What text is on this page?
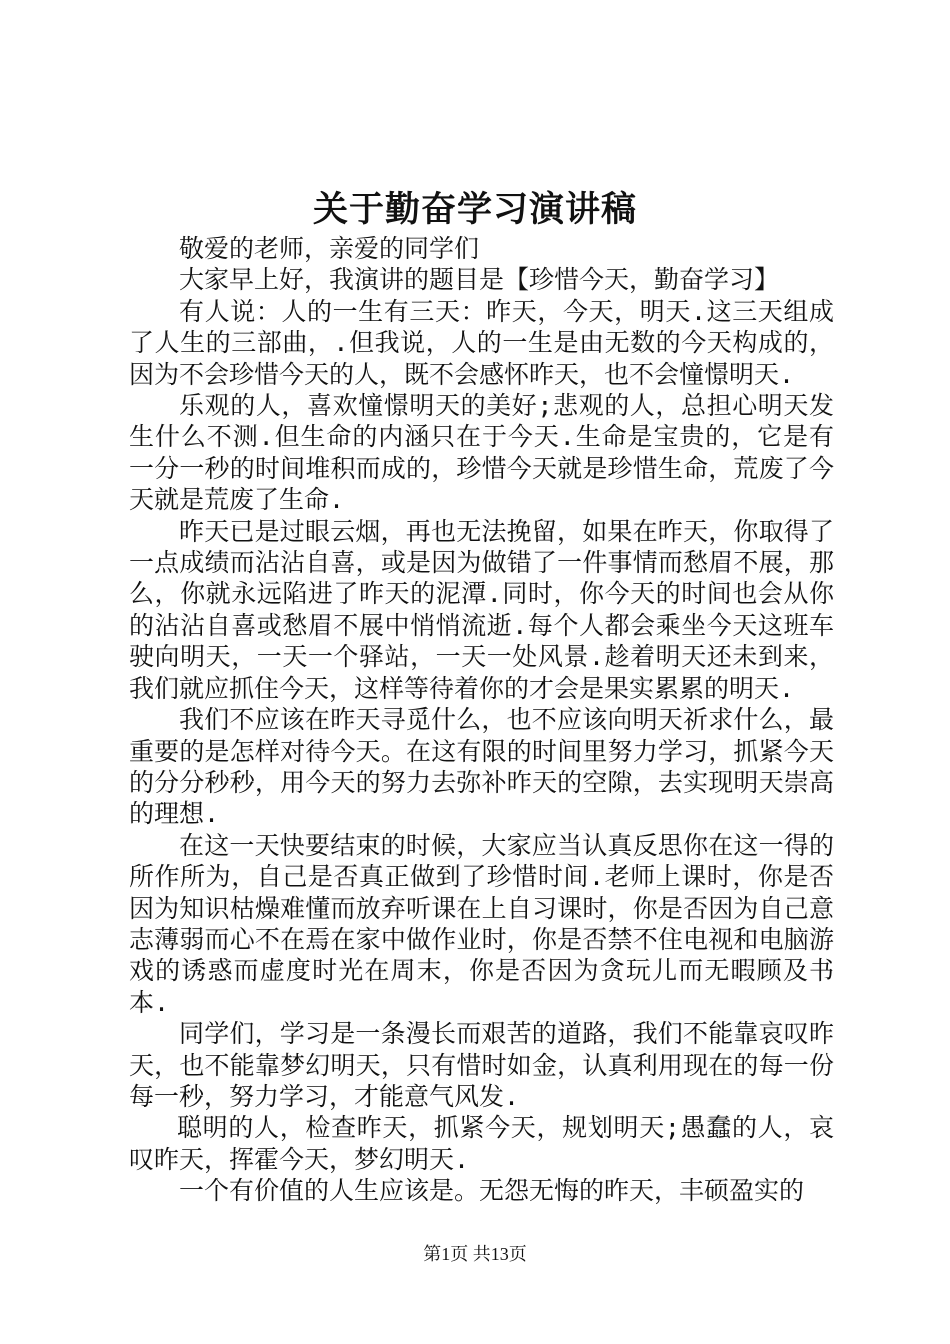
关于勤奋学习演讲稿

敬爱的老师，亲爱的同学们

大家早上好，我演讲的题目是【珍惜今天，勤奋学习】

有人说：人的一生有三天：昨天，今天，明天.这三天组成了人生的三部曲，.但我说，人的一生是由无数的今天构成的，因为不会珍惜今天的人，既不会感怀昨天，也不会憧憬明天.

乐观的人，喜欢憧憬明天的美好;悲观的人，总担心明天发生什么不测.但生命的内涵只在于今天.生命是宝贵的，它是有一分一秒的时间堆积而成的，珍惜今天就是珍惜生命，荒废了今天就是荒废了生命.

昨天已是过眼云烟，再也无法挽留，如果在昨天，你取得了一点成绩而沾沾自喜，或是因为做错了一件事情而愁眉不展，那么，你就永远陷进了昨天的泥潭.同时，你今天的时间也会从你的沾沾自喜或愁眉不展中悄悄流逝.每个人都会乘坐今天这班车驶向明天，一天一个驿站，一天一处风景.趁着明天还未到来，我们就应抓住今天，这样等待着你的才会是果实累累的明天.

我们不应该在昨天寻觅什么，也不应该向明天祈求什么，最重要的是怎样对待今天。在这有限的时间里努力学习，抓紧今天的分分秒秒，用今天的努力去弥补昨天的空隙，去实现明天崇高的理想.

在这一天快要结束的时候，大家应当认真反思你在这一得的所作所为，自己是否真正做到了珍惜时间.老师上课时，你是否因为知识枯燥难懂而放弃听课在上自习课时，你是否因为自己意志薄弱而心不在焉在家中做作业时，你是否禁不住电视和电脑游戏的诱惑而虚度时光在周末，你是否因为贪玩儿而无暇顾及书本.

同学们，学习是一条漫长而艰苦的道路，我们不能靠哀叹昨天，也不能靠梦幻明天，只有惜时如金，认真利用现在的每一份每一秒，努力学习，才能意气风发.

聪明的人，检查昨天，抓紧今天，规划明天;愚蠢的人，哀叹昨天，挥霍今天，梦幻明天.

一个有价值的人生应该是。无怨无悔的昨天，丰硕盈实的

第1页 共13页
